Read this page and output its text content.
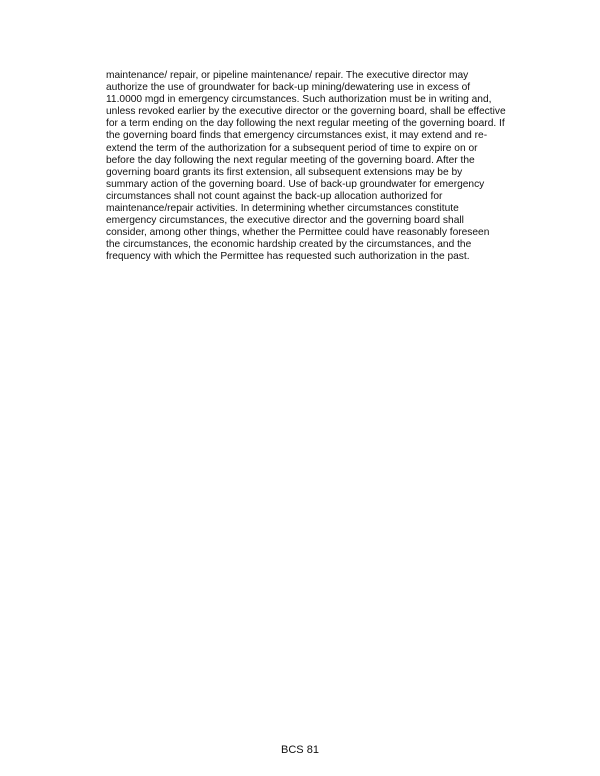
maintenance/ repair, or pipeline maintenance/ repair. The executive director may
authorize the use of groundwater for back-up mining/dewatering use in excess of
11.0000 mgd in emergency circumstances. Such authorization must be in writing and,
unless revoked earlier by the executive director or the governing board, shall be effective
for a term ending on the day following the next regular meeting of the governing board. If
the governing board finds that emergency circumstances exist, it may extend and re-
extend the term of the authorization for a subsequent period of time to expire on or
before the day following the next regular meeting of the governing board. After the
governing board grants its first extension, all subsequent extensions may be by
summary action of the governing board. Use of back-up groundwater for emergency
circumstances shall not count against the back-up allocation authorized for
maintenance/repair activities. In determining whether circumstances constitute
emergency circumstances, the executive director and the governing board shall
consider, among other things, whether the Permittee could have reasonably foreseen
the circumstances, the economic hardship created by the circumstances, and the
frequency with which the Permittee has requested such authorization in the past.
BCS 81
